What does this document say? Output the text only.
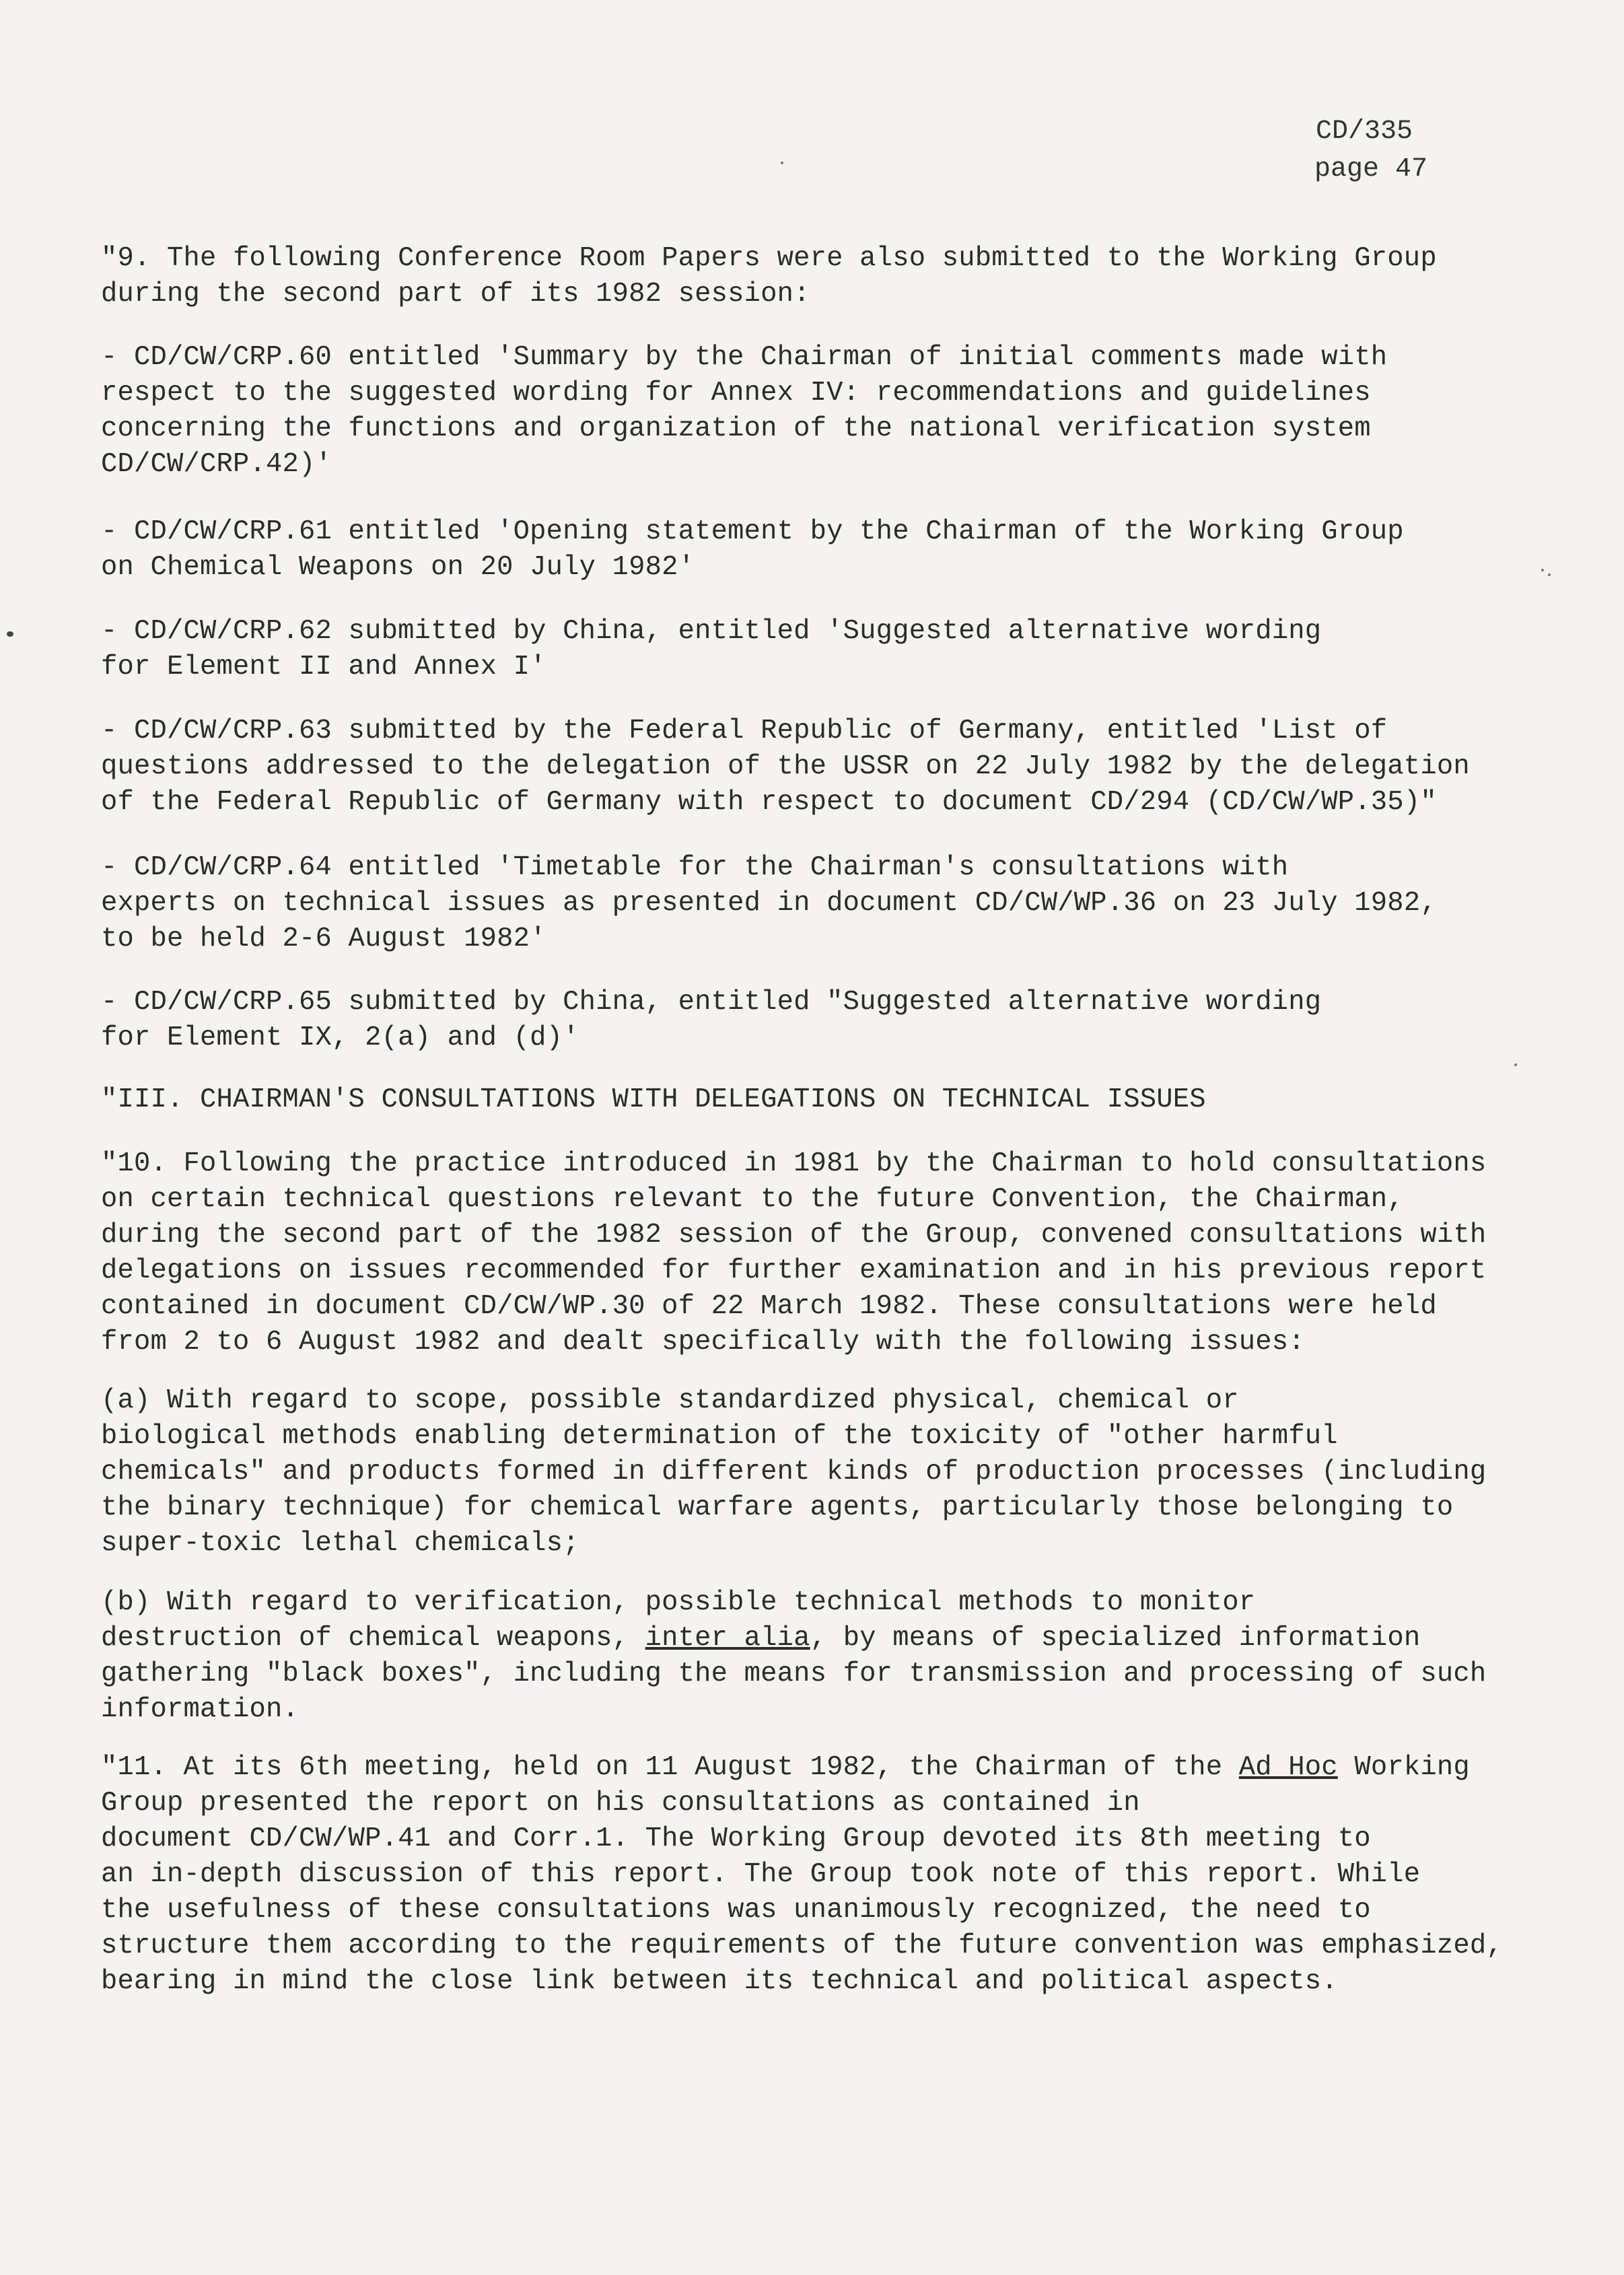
CD/335
page 47
"9. The following Conference Room Papers were also submitted to the Working Group
during the second part of its 1982 session:
- CD/CW/CRP.60 entitled 'Summary by the Chairman of initial comments made with
respect to the suggested wording for Annex IV: recommendations and guidelines
concerning the functions and organization of the national verification system
CD/CW/CRP.42)'
- CD/CW/CRP.61 entitled 'Opening statement by the Chairman of the Working Group
on Chemical Weapons on 20 July 1982'
- CD/CW/CRP.62 submitted by China, entitled 'Suggested alternative wording
for Element II and Annex I'
- CD/CW/CRP.63 submitted by the Federal Republic of Germany, entitled 'List of
questions addressed to the delegation of the USSR on 22 July 1982 by the delegation
of the Federal Republic of Germany with respect to document CD/294 (CD/CW/WP.35)"
- CD/CW/CRP.64 entitled 'Timetable for the Chairman's consultations with
experts on technical issues as presented in document CD/CW/WP.36 on 23 July 1982,
to be held 2-6 August 1982'
- CD/CW/CRP.65 submitted by China, entitled "Suggested alternative wording
for Element IX, 2(a) and (d)'
"III. CHAIRMAN'S CONSULTATIONS WITH DELEGATIONS ON TECHNICAL ISSUES
"10. Following the practice introduced in 1981 by the Chairman to hold consultations
on certain technical questions relevant to the future Convention, the Chairman,
during the second part of the 1982 session of the Group, convened consultations with
delegations on issues recommended for further examination and in his previous report
contained in document CD/CW/WP.30 of 22 March 1982. These consultations were held
from 2 to 6 August 1982 and dealt specifically with the following issues:
(a) With regard to scope, possible standardized physical, chemical or
biological methods enabling determination of the toxicity of "other harmful
chemicals" and products formed in different kinds of production processes (including
the binary technique) for chemical warfare agents, particularly those belonging to
super-toxic lethal chemicals;
(b) With regard to verification, possible technical methods to monitor
destruction of chemical weapons, inter alia, by means of specialized information
gathering "black boxes", including the means for transmission and processing of such
information.
"11. At its 6th meeting, held on 11 August 1982, the Chairman of the Ad Hoc Working
Group presented the report on his consultations as contained in
document CD/CW/WP.41 and Corr.1. The Working Group devoted its 8th meeting to
an in-depth discussion of this report. The Group took note of this report. While
the usefulness of these consultations was unanimously recognized, the need to
structure them according to the requirements of the future convention was emphasized,
bearing in mind the close link between its technical and political aspects.
